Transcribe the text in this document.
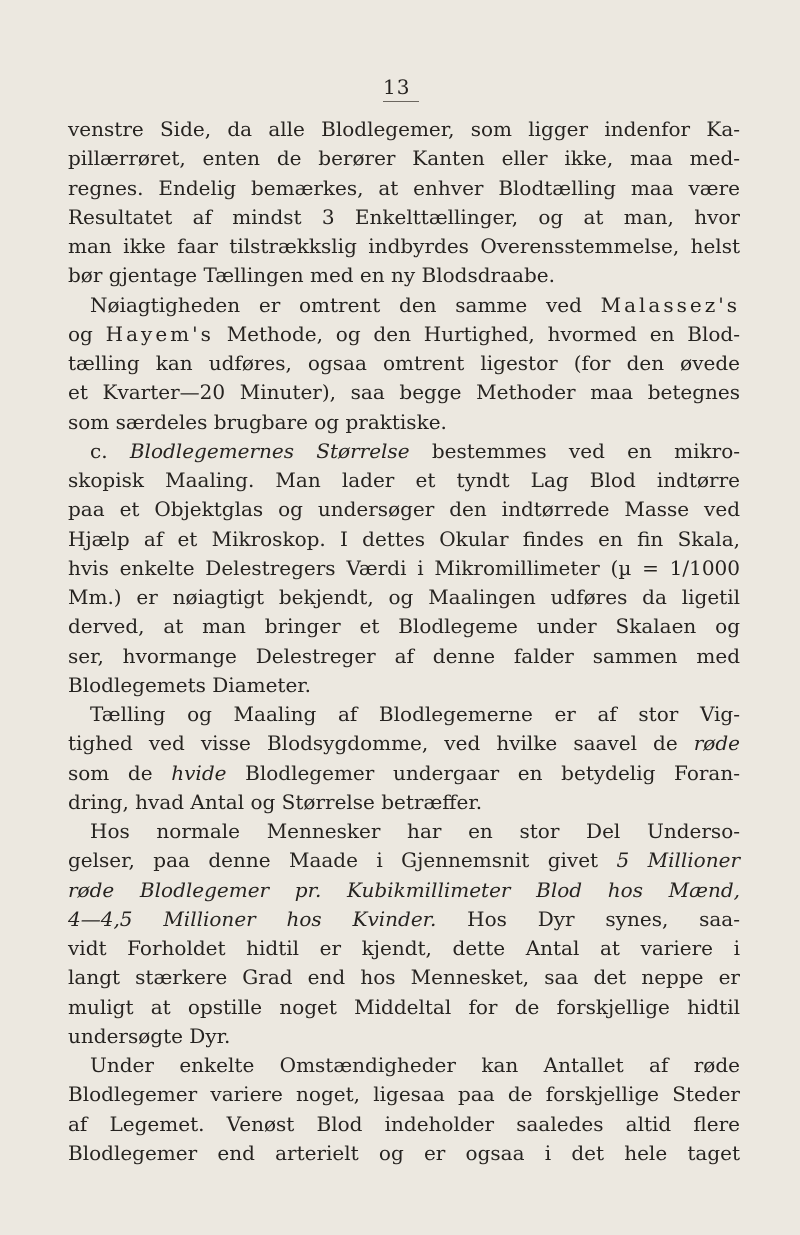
13
venstre Side, da alle Blodlegemer, som ligger indenfor Ka-
pillærrøret, enten de berører Kanten eller ikke, maa med-
regnes. Endelig bemærkes, at enhver Blodtælling maa være
Resultatet af mindst 3 Enkelttællinger, og at man, hvor
man ikke faar tilstrækkslig indbyrdes Overensstemmelse, helst
bør gjentage Tællingen med en ny Blodsdraabe.
Nøiagtigheden er omtrent den samme ved Malassez's
og Hayem's Methode, og den Hurtighed, hvormed en Blod-
tælling kan udføres, ogsaa omtrent ligestor (for den øvede
et Kvarter—20 Minuter), saa begge Methoder maa betegnes
som særdeles brugbare og praktiske.
c. Blodlegemernes Størrelse bestemmes ved en mikro-
skopisk Maaling. Man lader et tyndt Lag Blod indtørre
paa et Objektglas og undersøger den indtørrede Masse ved
Hjælp af et Mikroskop. I dettes Okular findes en fin Skala,
hvis enkelte Delestregers Værdi i Mikromillimeter (µ = 1/1000
Mm.) er nøiagtigt bekjendt, og Maalingen udføres da ligetil
derved, at man bringer et Blodlegeme under Skalaen og
ser, hvormange Delestreger af denne falder sammen med
Blodlegemets Diameter.
Tælling og Maaling af Blodlegemerne er af stor Vig-
tighed ved visse Blodsygdomme, ved hvilke saavel de røde
som de hvide Blodlegemer undergaar en betydelig Foran-
dring, hvad Antal og Størrelse betræffer.
Hos normale Mennesker har en stor Del Underso-
gelser, paa denne Maade i Gjennemsnit givet 5 Millioner
røde Blodlegemer pr. Kubikmillimeter Blod hos Mænd,
4—4,5 Millioner hos Kvinder. Hos Dyr synes, saa-
vidt Forholdet hidtil er kjendt, dette Antal at variere i
langt stærkere Grad end hos Mennesket, saa det neppe er
muligt at opstille noget Middeltal for de forskjellige hidtil
undersøgte Dyr.
Under enkelte Omstændigheder kan Antallet af røde
Blodlegemer variere noget, ligesaa paa de forskjellige Steder
af Legemet. Venøst Blod indeholder saaledes altid flere
Blodlegemer end arterielt og er ogsaa i det hele taget
